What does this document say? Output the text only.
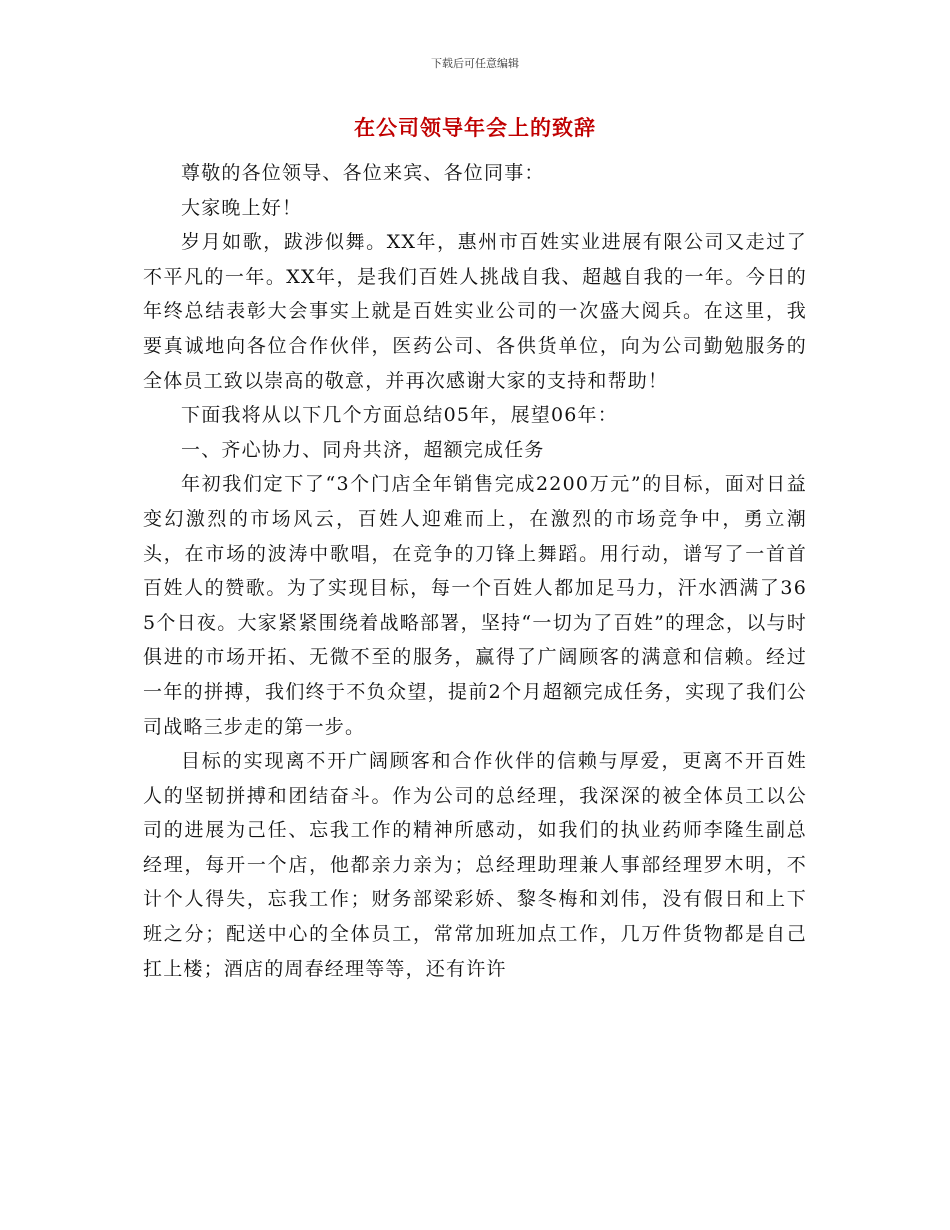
下载后可任意编辑
在公司领导年会上的致辞

尊敬的各位领导、各位来宾、各位同事：

大家晚上好！

岁月如歌，跋涉似舞。XX年，惠州市百姓实业进展有限公司又走过了不平凡的一年。XX年，是我们百姓人挑战自我、超越自我的一年。今日的年终总结表彰大会事实上就是百姓实业公司的一次盛大阅兵。在这里，我要真诚地向各位合作伙伴，医药公司、各供货单位，向为公司勤勉服务的全体员工致以崇高的敬意，并再次感谢大家的支持和帮助！

下面我将从以下几个方面总结05年，展望06年：

一、齐心协力、同舟共济，超额完成任务

年初我们定下了“3个门店全年销售完成2200万元”的目标，面对日益变幻激烈的市场风云，百姓人迎难而上，在激烈的市场竞争中，勇立潮头，在市场的波涛中歌唱，在竞争的刀锋上舞蹈。用行动，谱写了一首首百姓人的赞歌。为了实现目标，每一个百姓人都加足马力，汗水洒满了365个日夜。大家紧紧围绕着战略部署，坚持“一切为了百姓”的理念，以与时俱进的市场开拓、无微不至的服务，赢得了广阔顾客的满意和信赖。经过一年的拼搏，我们终于不负众望，提前2个月超额完成任务，实现了我们公司战略三步走的第一步。

目标的实现离不开广阔顾客和合作伙伴的信赖与厚爱，更离不开百姓人的坚韧拼搏和团结奋斗。作为公司的总经理，我深深的被全体员工以公司的进展为己任、忘我工作的精神所感动，如我们的执业药师李隆生副总经理，每开一个店，他都亲力亲为；总经理助理兼人事部经理罗木明，不计个人得失，忘我工作；财务部梁彩娇、黎冬梅和刘伟，没有假日和上下班之分；配送中心的全体员工，常常加班加点工作，几万件货物都是自己扛上楼；酒店的周春经理等等，还有许许
